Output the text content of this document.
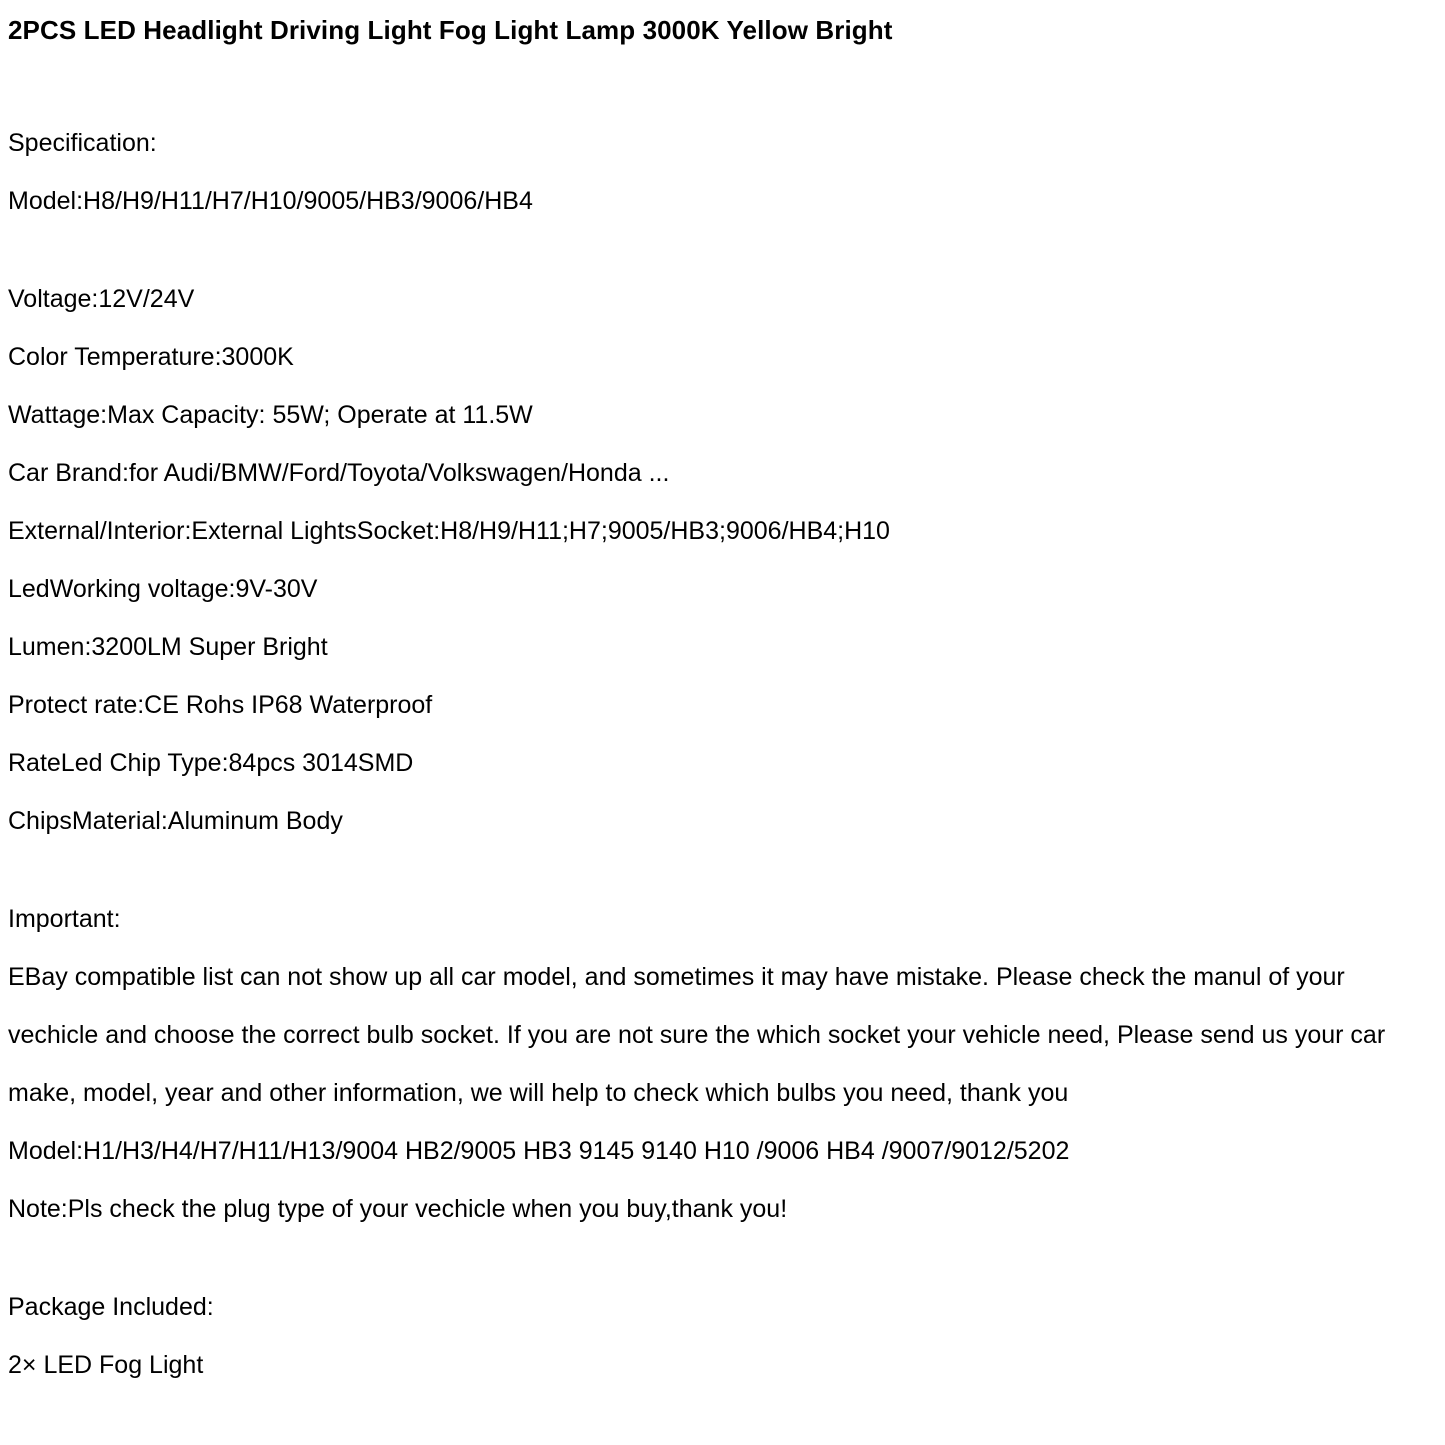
2PCS LED Headlight Driving Light Fog Light Lamp 3000K Yellow Bright
Specification:
Model:H8/H9/H11/H7/H10/9005/HB3/9006/HB4
Voltage:12V/24V
Color Temperature:3000K
Wattage:Max Capacity: 55W; Operate at 11.5W
Car Brand:for Audi/BMW/Ford/Toyota/Volkswagen/Honda ...
External/Interior:External LightsSocket:H8/H9/H11;H7;9005/HB3;9006/HB4;H10
LedWorking voltage:9V-30V
Lumen:3200LM Super Bright
Protect rate:CE Rohs IP68 Waterproof
RateLed Chip Type:84pcs 3014SMD
ChipsMaterial:Aluminum Body
Important:
EBay compatible list can not show up all car model, and sometimes it may have mistake. Please check the manul of your vechicle and choose the correct bulb socket. If you are not sure the which socket your vehicle need, Please send us your car make, model, year and other information, we will help to check which bulbs you need, thank you
Model:H1/H3/H4/H7/H11/H13/9004 HB2/9005 HB3 9145 9140 H10 /9006 HB4 /9007/9012/5202
Note:Pls check the plug type of your vechicle when you buy,thank you!
Package Included:
2× LED Fog Light
